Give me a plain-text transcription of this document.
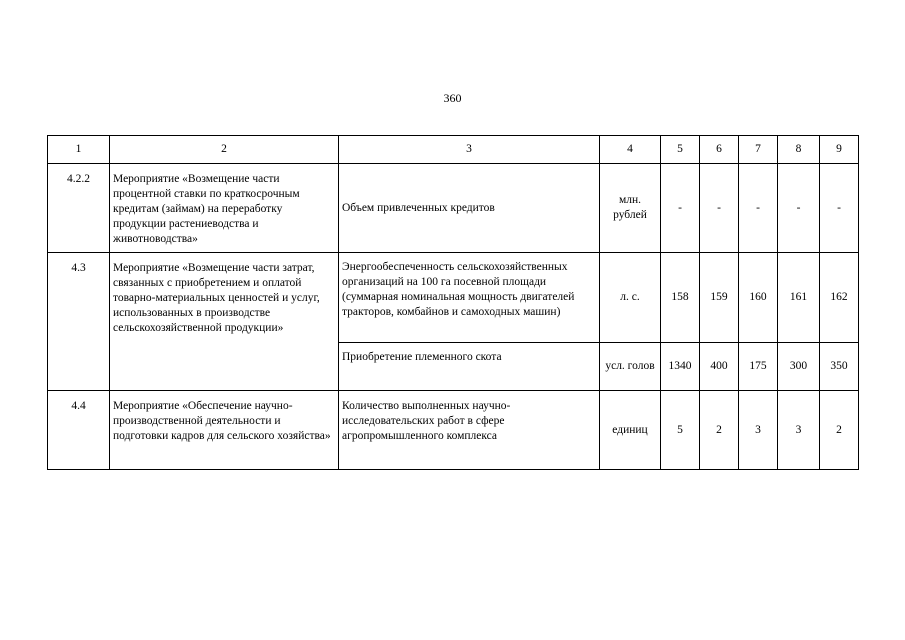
360
1	2	3	4	5	6	7	8	9
4.2.2	Мероприятие «Возмещение части процентной ставки по краткосрочным кредитам (займам) на переработку продукции растениеводства и животноводства»	Объем привлеченных кредитов	млн. рублей	-	-	-	-	-
4.3	Мероприятие «Возмещение части затрат, связанных с приобретением и оплатой товарно-материальных ценностей и услуг, использованных в производстве сельскохозяйственной продукции»	Энергообеспеченность сельскохозяйственных организаций на 100 га посевной площади (суммарная номинальная мощность двигателей тракторов, комбайнов и самоходных машин)	л. с.	158	159	160	161	162
		Приобретение племенного скота	усл. голов	1340	400	175	300	350
4.4	Мероприятие «Обеспечение научно-производственной деятельности и подготовки кадров для сельского хозяйства»	Количество выполненных научно-исследовательских работ в сфере агропромышленного комплекса	единиц	5	2	3	3	2
